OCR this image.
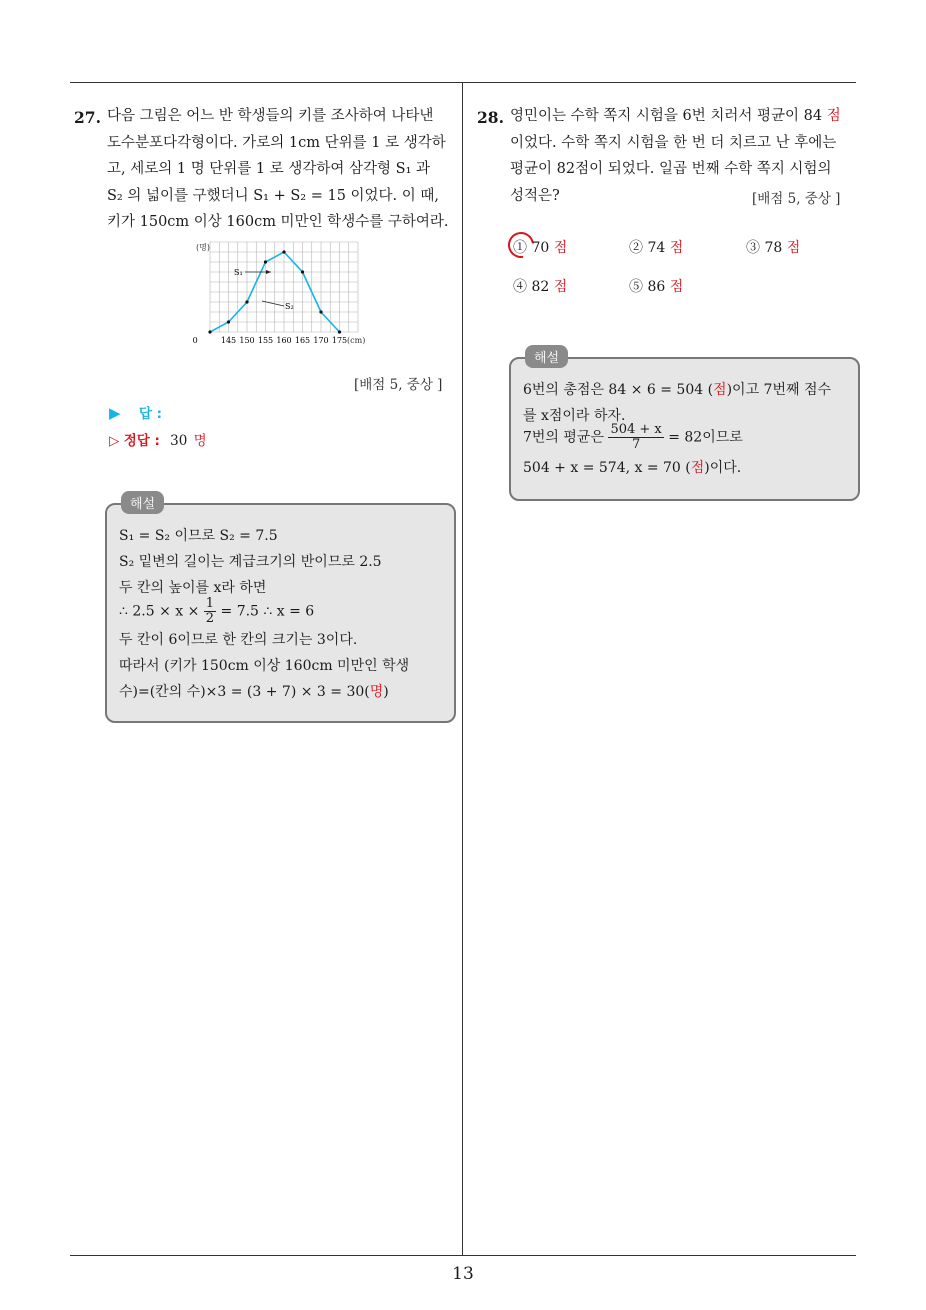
13
27. 다음 그림은 어느 반 학생들의 키를 조사하여 나타낸
도수분포다각형이다. 가로의 1cm 단위를 1 로 생각하
고, 세로의 1 명 단위를 1 로 생각하여 삼각형 S₁ 과
S₂ 의 넓이를 구했더니 S₁ + S₂ = 15 이었다. 이 때,
키가 150cm 이상 160cm 미만인 학생수를 구하여라.
(명)
0	145 150 155 160 165 170 175 (cm)
S₁
S₂
[배점 5, 중상 ]
▶ 답 :
▷ 정답 : 30 명
해설
S₁ = S₂ 이므로 S₂ = 7.5
S₂ 밑변의 길이는 계급크기의 반이므로 2.5
두 칸의 높이를 x라 하면
∴ $2.5 \times x \times \frac{1}{2} = 7.5$ ∴ x = 6
두 칸이 6이므로 한 칸의 크기는 3이다.
따라서 (키가 150cm 이상 160cm 미만인 학생
수)=(칸의 수)×3 = (3 + 7) × 3 = 30(명)
28. 영민이는 수학 쪽지 시험을 6번 치러서 평균이 84 점
이었다. 수학 쪽지 시험을 한 번 더 치르고 난 후에는
평균이 82점이 되었다. 일곱 번째 수학 쪽지 시험의
성적은?	[배점 5, 중상 ]
① 70 점	② 74 점	③ 78 점
④ 82 점	⑤ 86 점
해설
6번의 총점은 84 × 6 = 504 (점)이고 7번째 점수
를 x점이라 하자.
7번의 평균은 $\frac{504 + x}{7} = 82$이므로
504 + x = 574, x = 70 (점)이다.
